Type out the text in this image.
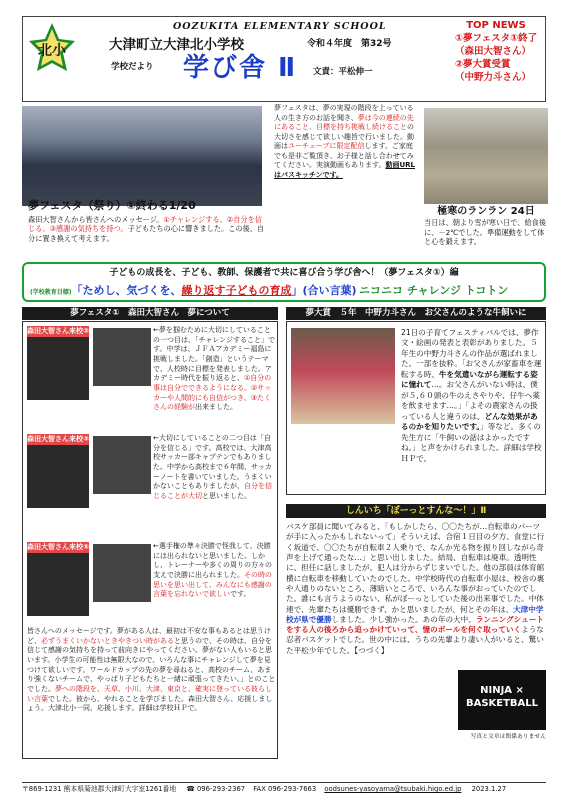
北小
OOZUKITA ELEMENTARY SCHOOL
大津町立大津北小学校	令和４年度　第32号
学校だより 学び舎 Ⅱ 文責：平松伸一
TOP NEWS
①夢フェスタ①終了
（森田大智さん）
②夢大賞受賞
（中野力斗さん）
夢フェスタ（祭り）①終わる1/20
森田大智さんから皆さんへのメッセージ。①チャレンジする、②自分を信じる、③感謝の気持ちを持つ。子どもたちの心に響きました。この後、自分に置き換えて考えます。
夢フェスタは、夢の実現の階段を上っている人の生き方のお話を聞き、夢は今の連続の先にあること、目標を持ち挑戦し続けることの大切さを感じて欲しい趣旨で行いました。動画はユーチューブに限定配信します。ご家庭でも是非ご覧頂き、お子様と話し合わせてみてください。実演動画もあります。動画URLはパスキッチンです。
極寒のランラン 24日
当日は、朝より雪が寒い日で、給食後に、－2℃でした。準備運動をして体と心を鍛えます。
子どもの成長を、子ども、教師、保護者で共に喜び合う学び舎へ！（夢フェスタ①）編
(学校教育目標)「ためし、気づくを、繰り返す子どもの育成」(合い言葉) ニコニコ チャレンジ トコトン
夢フェスタ①　森田大智さん　夢について
森田大智さん来校②
森田大智さん来校③
森田大智さん来校⑤
←夢を掴むために大切にしていることの一つ目は、「チャレンジすること」です。中学は、ＪＦＡアカデミー福島に挑戦しました。「創造」というテーマで、人校時に目標を発表しました。アカデミー時代を振り返ると、①自分の事は自分でできるようになる。②サッカーや人間的にも自信がつき、③たくさんの経験が出来ました。
←大切にしていることの二つ目は「自分を信じる」です。高校では、大津高校サッカー部キャプテンでもありました。中学から高校まで６年間、サッカーノートを書いていました。うまくいかないこともありましたが、自分を信じることが大切と思いました。
←選手権の準々決勝で怪我して、決勝には出られないと思いました。しかし、トレーナーや多くの周りの方々の支えで決勝に出られました。その時の思いを思い出して、みんなにも感謝の言葉を忘れないで欲しいです。
皆さんへのメッセージです。夢がある人は、最初は不安な事もあるとは思うけど、必ずうまくいかないときやきつい時があると思うので、その時は、自分を信じて感謝の気持ちを持って前向きにやってください。夢がない人もいると思います。小学生の可能性は無限大なので、いろんな事にチャレンジして夢を見つけて欲しいです。ワールドカップの先の夢を尋ねると、高校のチーム、あまり強くないチームで、やっぱり子どもたちと一緒に頑張ってきたい。」とのことでした。夢への階段を、天草、小川、大津、東京と、確実に登っている彼らしい言葉でした。彼から、やれることを学びました。森田大智さん、応援しましょう。大津北小一同、応援します。詳細は学校ＨＰで。
夢大賞　５年　中野力斗さん　お父さんのような牛飼いに
21日の子育てフェスティバルでは、夢作文・絵画の発表と表彰がありました。５年生の中野力斗さんの作品が選ばれました。一部を抜粋。「お父さんが家畜車を運転する時、牛を気遣いながら運転する姿に憧れて…。お父さんがいない時は、僕が５,６０頭の牛のえさやりや、仔牛へ薬を飲ませます…。」「よその農家さんの扱っている人と違うのは、どんな効果があるのかを知りたいです。」等など。多くの先生方に「牛飼いの話はよかったですね。」と声をかけられました。詳細は学校ＨＰで。
しんいち「ぼーっとすんな～！」Ⅱ
バスケ部員に聞いてみると、「もしかしたら、〇〇たちが…自転車のパーツが手に入ったかもしれないって」そういえば、合宿１日目の夕方、食堂に行く坂道で、〇〇たちが自転車２人乗りで、なんか光る物を振り回しながら奇声を上げて通ったな…」と思い出しました。結局、自転車は廃車。透明性に、担任に話しましたが、犯人は分からずじまいでした。他の部員は体育館横に自転車を移動していたのでした。中学校時代の自転車小屋は、校舎の裏や人通りのないところ、薄暗いところで、いろんな事がおっていたのでした。誰にも言うようのない、私がぼーっとしていた後の出来事でした。中体連で、先輩たちは優勝できず、かと思いましたが、何とその年は、大津中学校が県で優勝しました。少し強かった。あの年の大中、ランニングシュートをする人の後ろから追っかけていって、憧のボールを何ぐ取っていくような忍者バスケットでした。世の中には、うちの先輩より凄い人がいると、驚いた平松少年でした。【つづく】
NINJA × BASKETBALL
写真と文章は関係ありません
〒869-1231 熊本県菊池郡大津町大字室1261番地 ☎ 096-293-2367 FAX 096-293-7663 oodsunes-yasoyama@tsubaki.higo.ed.jp 2023.1.27
